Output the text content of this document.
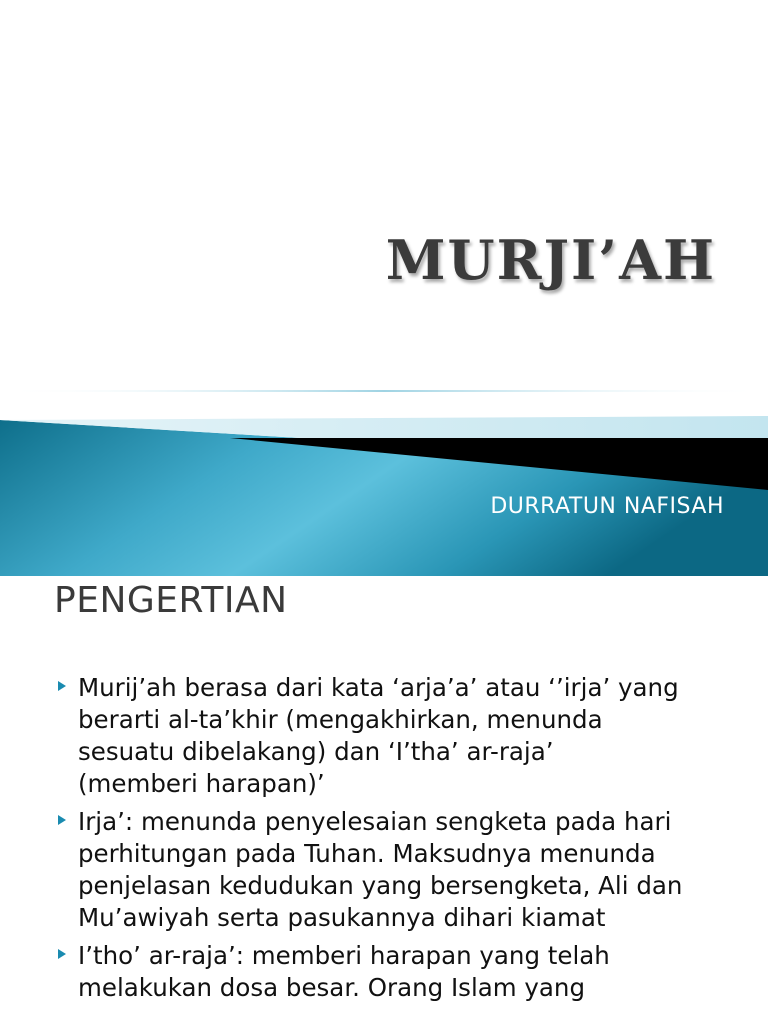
MURJI’AH
DURRATUN NAFISAH
PENGERTIAN
Murij’ah berasa dari kata ‘arja’a’ atau ‘’irja’ yang
berarti al-ta’khir (mengakhirkan, menunda
sesuatu dibelakang) dan ‘I’tha’ ar-raja’
(memberi harapan)’
Irja’: menunda penyelesaian sengketa pada hari
perhitungan pada Tuhan. Maksudnya menunda
penjelasan kedudukan yang bersengketa, Ali dan
Mu’awiyah serta pasukannya dihari kiamat
I’tho’ ar-raja’: memberi harapan yang telah
melakukan dosa besar. Orang Islam yang
